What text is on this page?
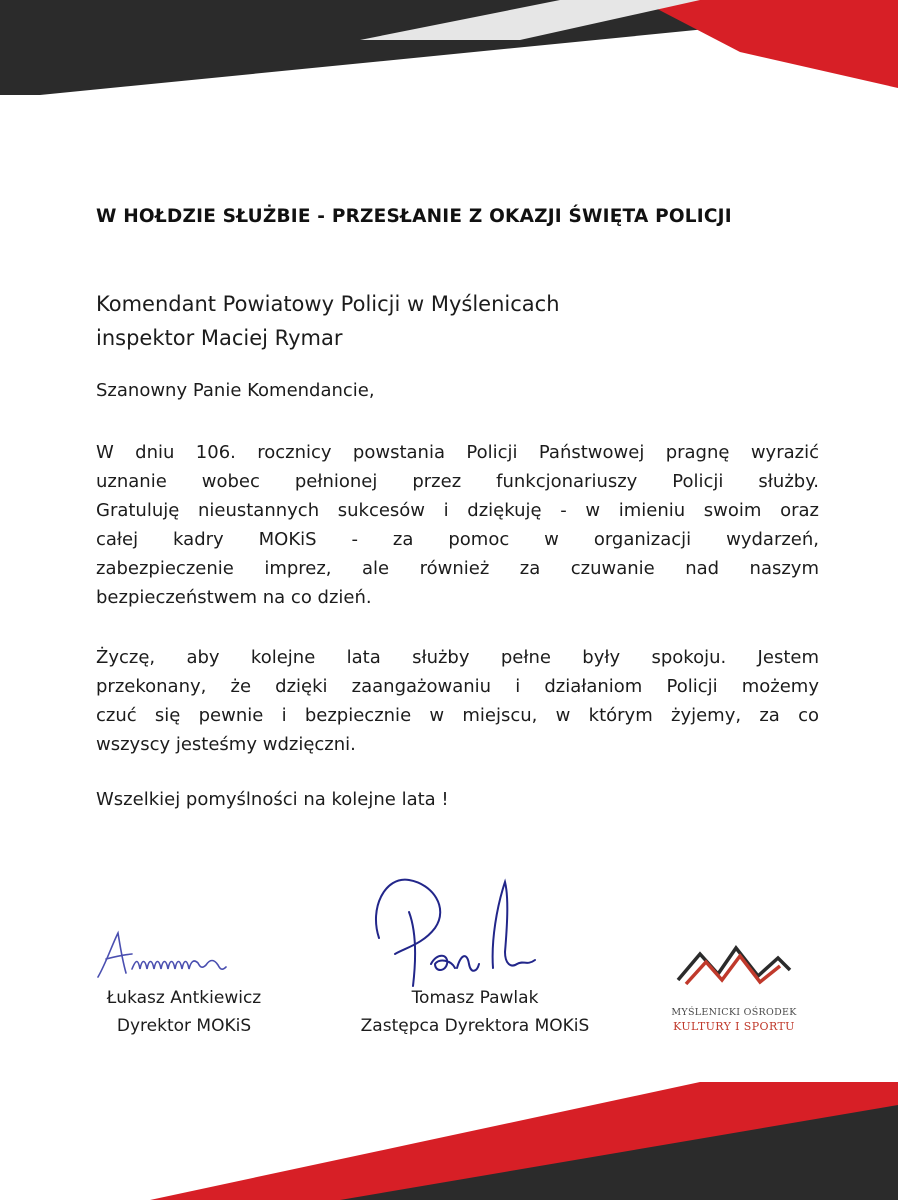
W HOŁDZIE SŁUŻBIE - PRZESŁANIE Z OKAZJI ŚWIĘTA POLICJI
Komendant Powiatowy Policji w Myślenicach
inspektor Maciej Rymar
Szanowny Panie Komendancie,
W dniu 106. rocznicy powstania Policji Państwowej pragnę wyrazić
uznanie wobec pełnionej przez funkcjonariuszy Policji służby.
Gratuluję nieustannych sukcesów i dziękuję - w imieniu swoim oraz
całej kadry MOKiS - za pomoc w organizacji wydarzeń,
zabezpieczenie imprez, ale również za czuwanie nad naszym
bezpieczeństwem na co dzień.
Życzę, aby kolejne lata służby pełne były spokoju. Jestem
przekonany, że dzięki zaangażowaniu i działaniom Policji możemy
czuć się pewnie i bezpiecznie w miejscu, w którym żyjemy, za co
wszyscy jesteśmy wdzięczni.
Wszelkiej pomyślności na kolejne lata !
Łukasz Antkiewicz
Dyrektor MOKiS
Tomasz Pawlak
Zastępca Dyrektora MOKiS
MYŚLENICKI OŚRODEK
KULTURY I SPORTU
